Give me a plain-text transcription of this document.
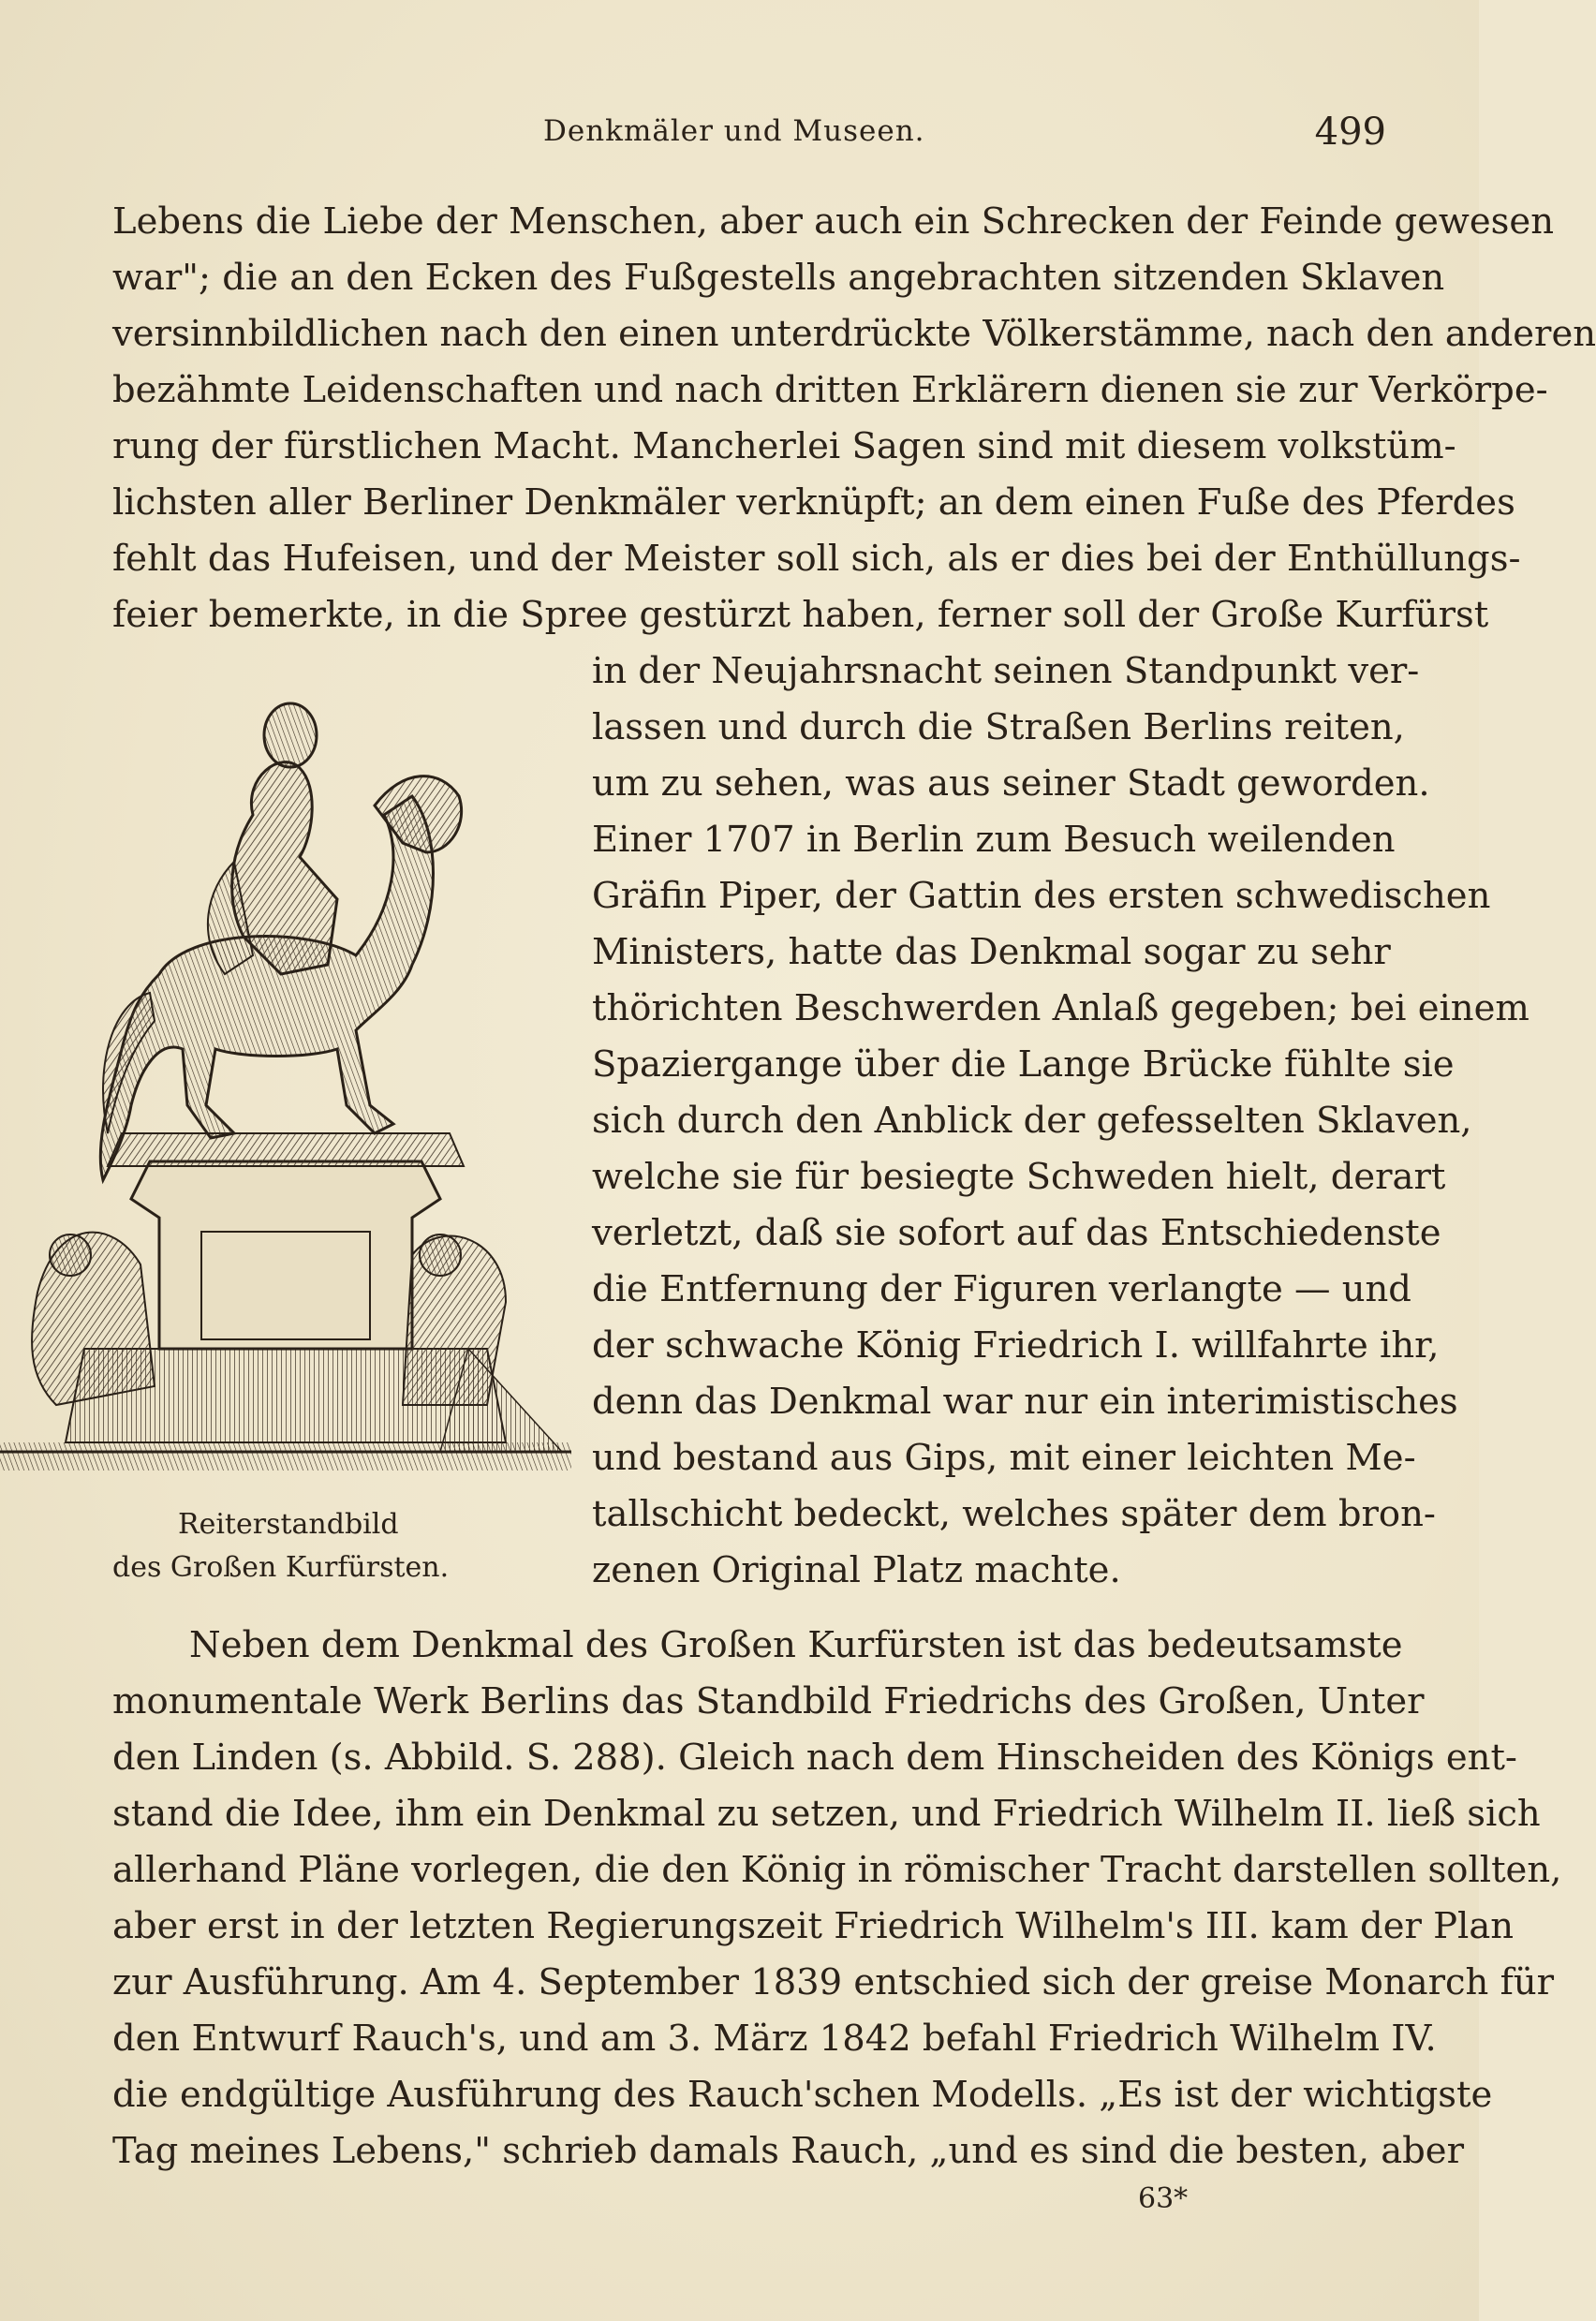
Denkmäler und Museen.	499
Lebens die Liebe der Menschen, aber auch ein Schrecken der Feinde gewesen
war"; die an den Ecken des Fußgestells angebrachten sitzenden Sklaven
versinnbildlichen nach den einen unterdrückte Völkerstämme, nach den anderen
bezähmte Leidenschaften und nach dritten Erklärern dienen sie zur Verkörpe-
rung der fürstlichen Macht. Mancherlei Sagen sind mit diesem volkstüm-
lichsten aller Berliner Denkmäler verknüpft; an dem einen Fuße des Pferdes
fehlt das Hufeisen, und der Meister soll sich, als er dies bei der Enthüllungs-
feier bemerkte, in die Spree gestürzt haben, ferner soll der Große Kurfürst
Reiterstandbild
des Großen Kurfürsten.
in der Neujahrsnacht seinen Standpunkt ver-
lassen und durch die Straßen Berlins reiten,
um zu sehen, was aus seiner Stadt geworden.
Einer 1707 in Berlin zum Besuch weilenden
Gräfin Piper, der Gattin des ersten schwedischen
Ministers, hatte das Denkmal sogar zu sehr
thörichten Beschwerden Anlaß gegeben; bei einem
Spaziergange über die Lange Brücke fühlte sie
sich durch den Anblick der gefesselten Sklaven,
welche sie für besiegte Schweden hielt, derart
verletzt, daß sie sofort auf das Entschiedenste
die Entfernung der Figuren verlangte — und
der schwache König Friedrich I. willfahrte ihr,
denn das Denkmal war nur ein interimistisches
und bestand aus Gips, mit einer leichten Me-
tallschicht bedeckt, welches später dem bron-
zenen Original Platz machte.
Neben dem Denkmal des Großen Kurfürsten ist das bedeutsamste
monumentale Werk Berlins das Standbild Friedrichs des Großen, Unter
den Linden (s. Abbild. S. 288). Gleich nach dem Hinscheiden des Königs ent-
stand die Idee, ihm ein Denkmal zu setzen, und Friedrich Wilhelm II. ließ sich
allerhand Pläne vorlegen, die den König in römischer Tracht darstellen sollten,
aber erst in der letzten Regierungszeit Friedrich Wilhelm's III. kam der Plan
zur Ausführung. Am 4. September 1839 entschied sich der greise Monarch für
den Entwurf Rauch's, und am 3. März 1842 befahl Friedrich Wilhelm IV.
die endgültige Ausführung des Rauch'schen Modells. „Es ist der wichtigste
Tag meines Lebens," schrieb damals Rauch, „und es sind die besten, aber
63*
